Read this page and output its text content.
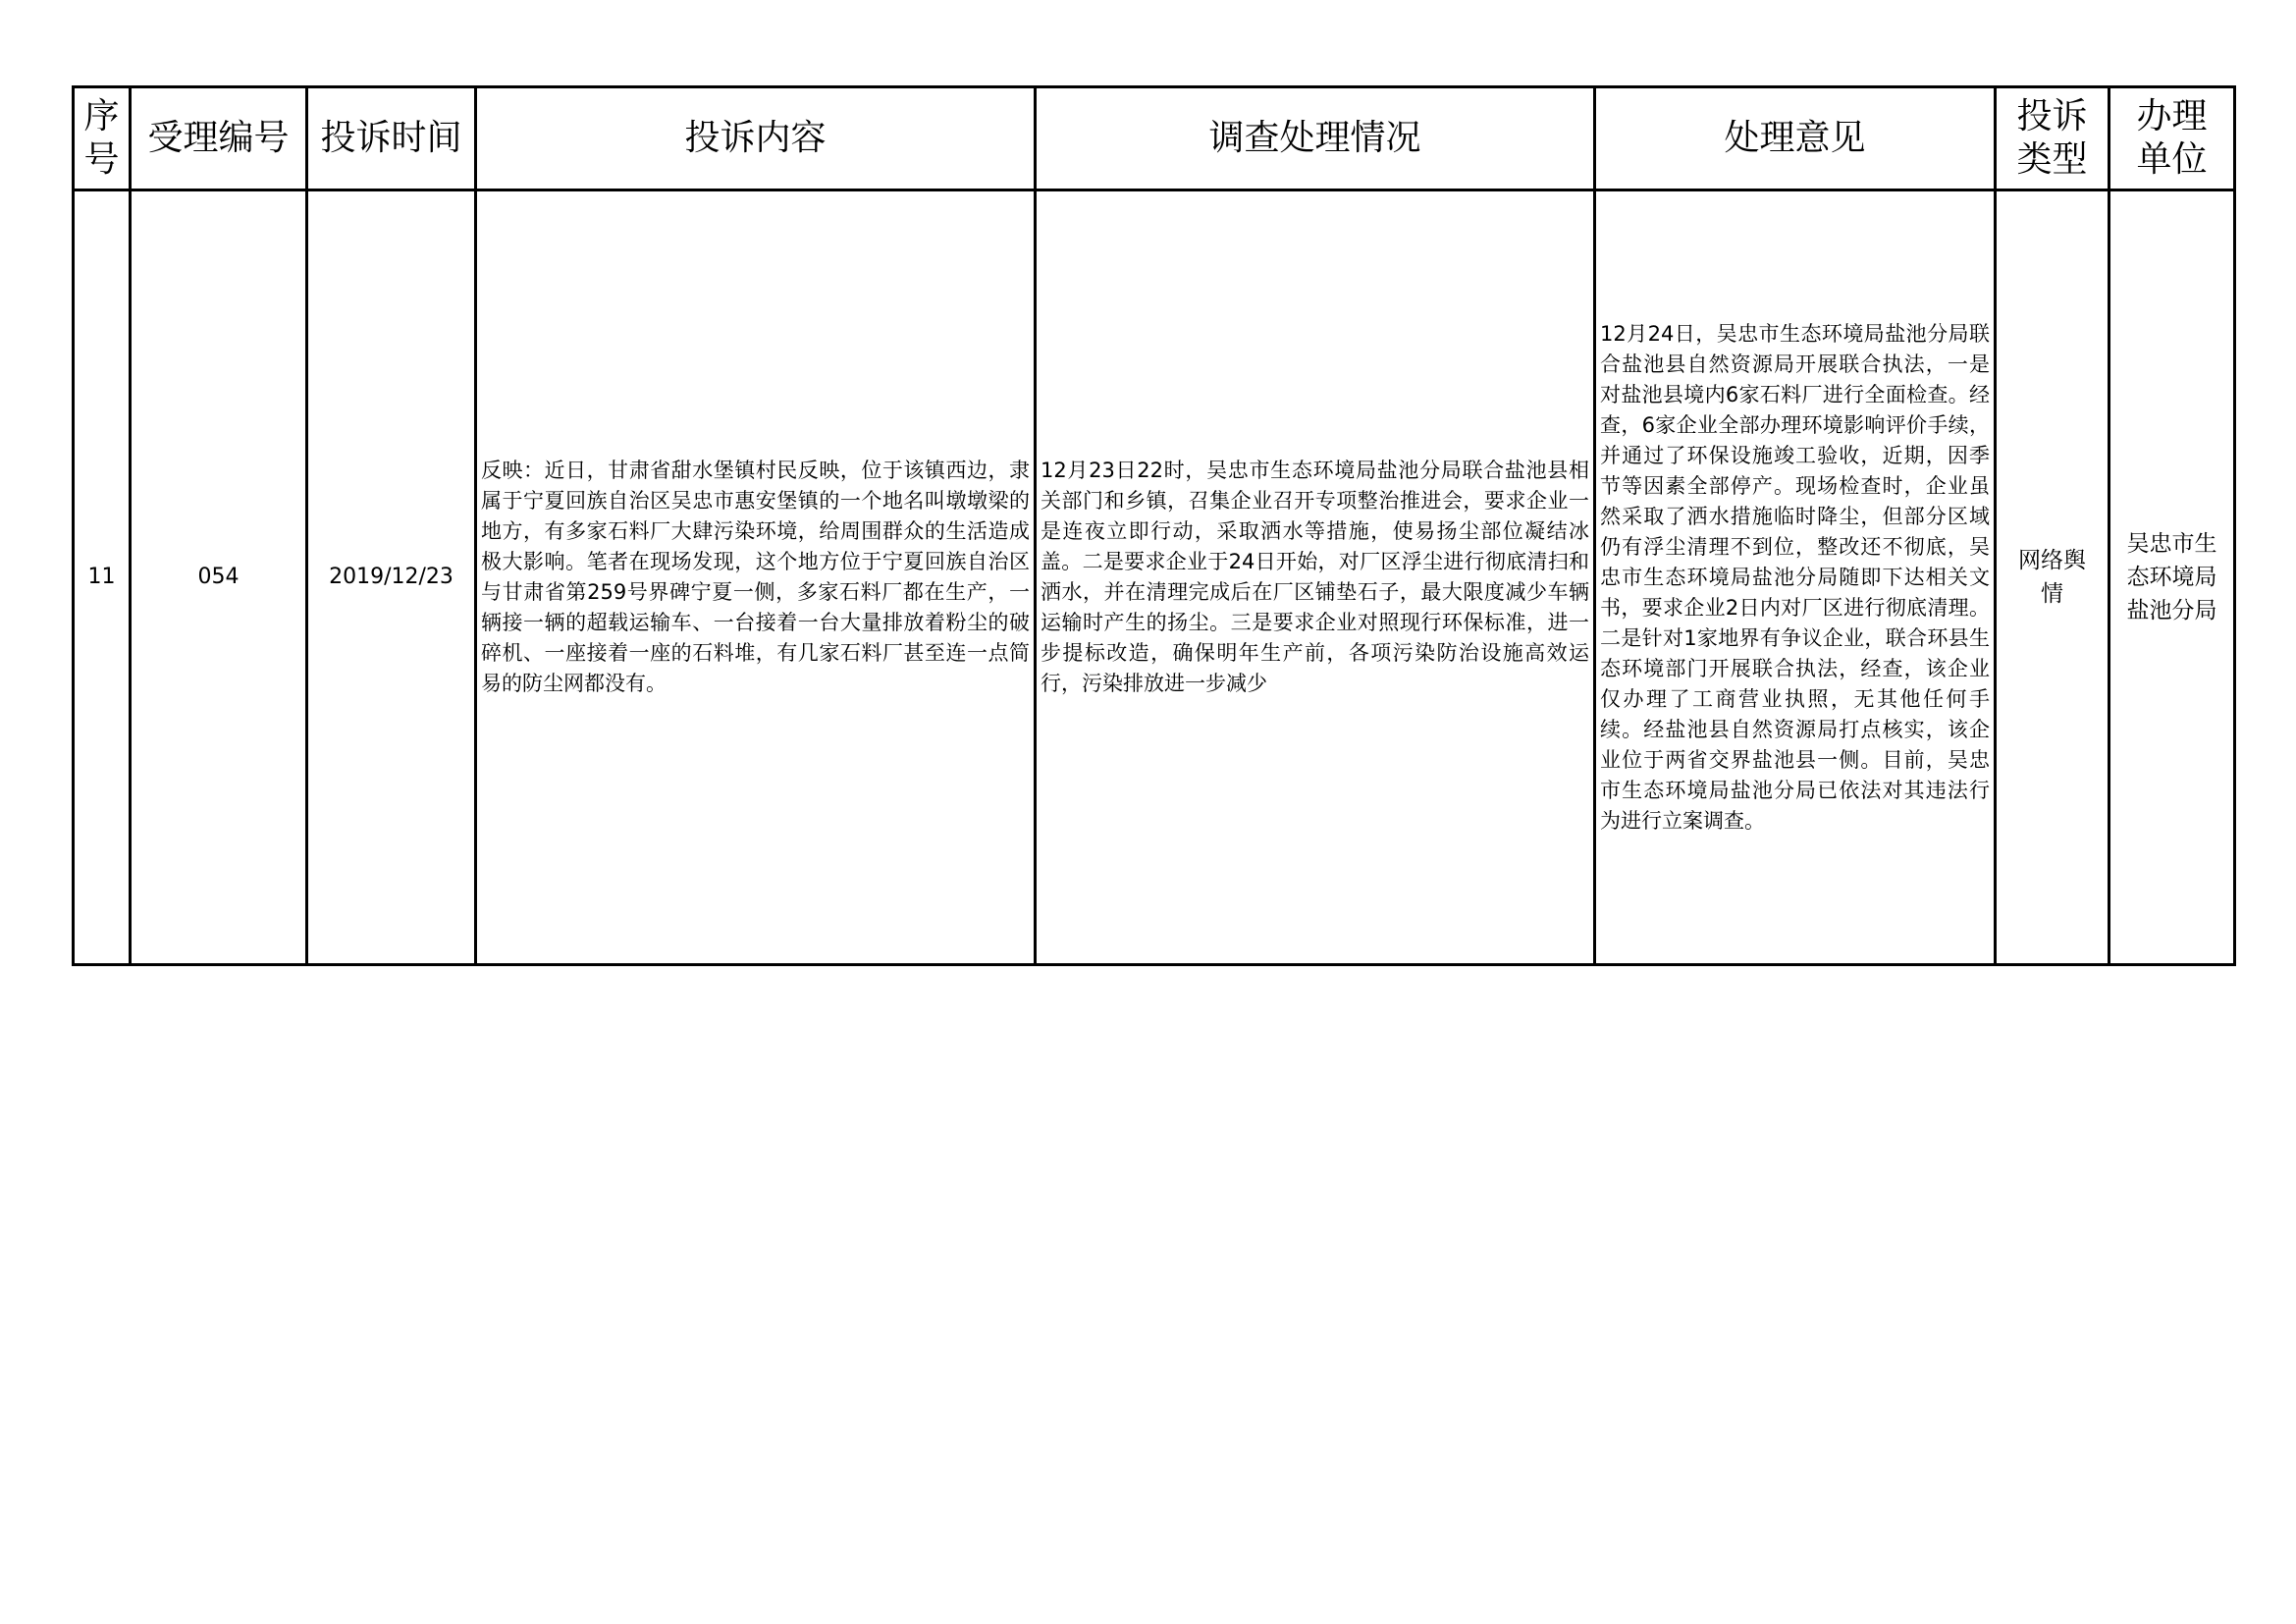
序号	受理编号	投诉时间	投诉内容	调查处理情况	处理意见	投诉类型	办理单位
11	054	2019/12/23	反映：近日，甘肃省甜水堡镇村民反映，位于该镇西边，隶属于宁夏回族自治区吴忠市惠安堡镇的一个地名叫墩墩梁的地方，有多家石料厂大肆污染环境，给周围群众的生活造成极大影响。笔者在现场发现，这个地方位于宁夏回族自治区与甘肃省第259号界碑宁夏一侧，多家石料厂都在生产，一辆接一辆的超载运输车、一台接着一台大量排放着粉尘的破碎机、一座接着一座的石料堆，有几家石料厂甚至连一点简易的防尘网都没有。	12月23日22时，吴忠市生态环境局盐池分局联合盐池县相关部门和乡镇，召集企业召开专项整治推进会，要求企业一是连夜立即行动，采取洒水等措施，使易扬尘部位凝结冰盖。二是要求企业于24日开始，对厂区浮尘进行彻底清扫和洒水，并在清理完成后在厂区铺垫石子，最大限度减少车辆运输时产生的扬尘。三是要求企业对照现行环保标准，进一步提标改造，确保明年生产前，各项污染防治设施高效运行，污染排放进一步减少	12月24日，吴忠市生态环境局盐池分局联合盐池县自然资源局开展联合执法，一是对盐池县境内6家石料厂进行全面检查。经查，6家企业全部办理环境影响评价手续，并通过了环保设施竣工验收，近期，因季节等因素全部停产。现场检查时，企业虽然采取了洒水措施临时降尘，但部分区域仍有浮尘清理不到位，整改还不彻底，吴忠市生态环境局盐池分局随即下达相关文书，要求企业2日内对厂区进行彻底清理。二是针对1家地界有争议企业，联合环县生态环境部门开展联合执法，经查，该企业仅办理了工商营业执照，无其他任何手续。经盐池县自然资源局打点核实，该企业位于两省交界盐池县一侧。目前，吴忠市生态环境局盐池分局已依法对其违法行为进行立案调查。	网络舆情	吴忠市生态环境局盐池分局
